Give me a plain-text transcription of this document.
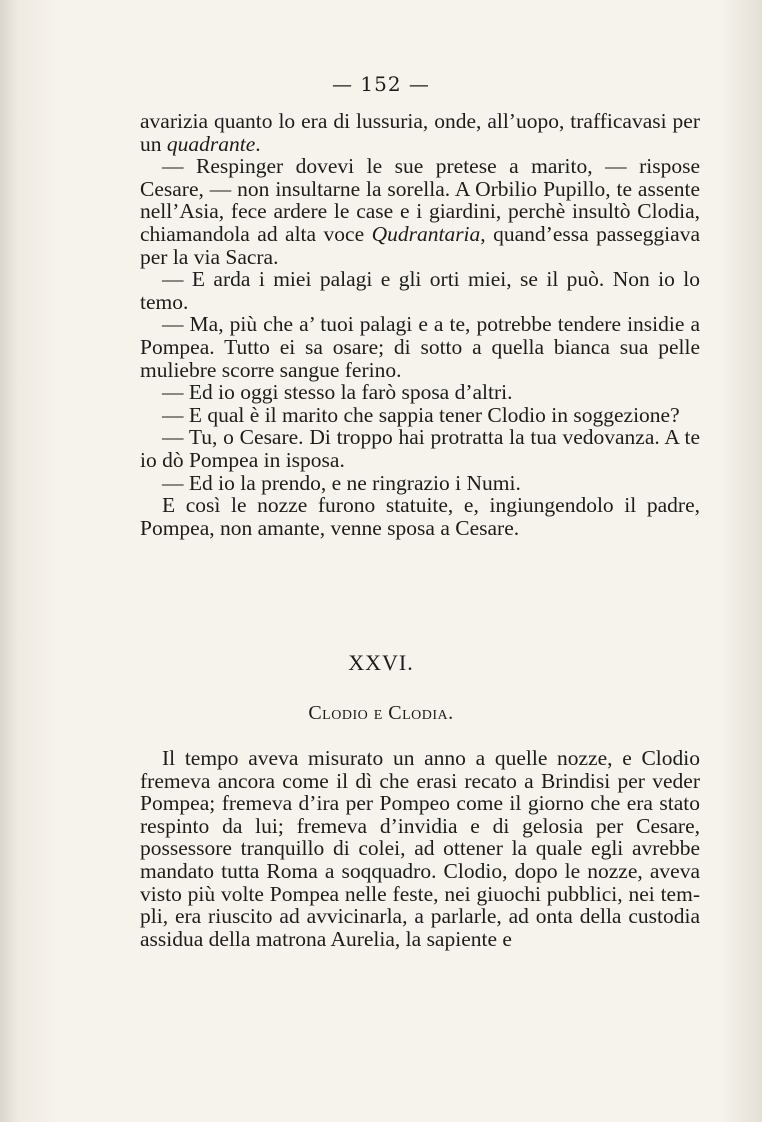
— 152 —

avarizia quanto lo era di lussuria, onde, all’uopo, trafficavasi per un quadrante.

— Respinger dovevi le sue pretese a marito, — rispose Cesare, — non insultarne la sorella. A Orbilio Pupillo, te assente nell’Asia, fece ardere le case e i giardini, perchè insultò Clodia, chiamandola ad alta voce Qudrantaria, quand’essa passeggiava per la via Sacra.

— E arda i miei palagi e gli orti miei, se il può. Non io lo temo.

— Ma, più che a’ tuoi palagi e a te, potrebbe tendere insidie a Pompea. Tutto ei sa osare; di sotto a quella bianca sua pelle muliebre scorre sangue ferino.

— Ed io oggi stesso la farò sposa d’altri.

— E qual è il marito che sappia tener Clodio in soggezione?

— Tu, o Cesare. Di troppo hai protratta la tua vedovanza. A te io dò Pompea in isposa.

— Ed io la prendo, e ne ringrazio i Numi.

E così le nozze furono statuite, e, ingiungendolo il padre, Pompea, non amante, venne sposa a Cesare.

XXVI.
Clodio e Clodia.

Il tempo aveva misurato un anno a quelle nozze, e Clodio fremeva ancora come il dì che erasi recato a Brindisi per veder Pompea; fremeva d’ira per Pompeo come il giorno che era stato respinto da lui; fremeva d’invidia e di gelosia per Cesare, possessore tranquillo di colei, ad ottener la quale egli avrebbe mandato tutta Roma a soqquadro. Clodio, dopo le nozze, aveva visto più volte Pompea nelle feste, nei giuochi pubblici, nei templi, era riuscito ad avvicinarla, a parlarle, ad onta della custodia assidua della matrona Aurelia, la sapiente e
